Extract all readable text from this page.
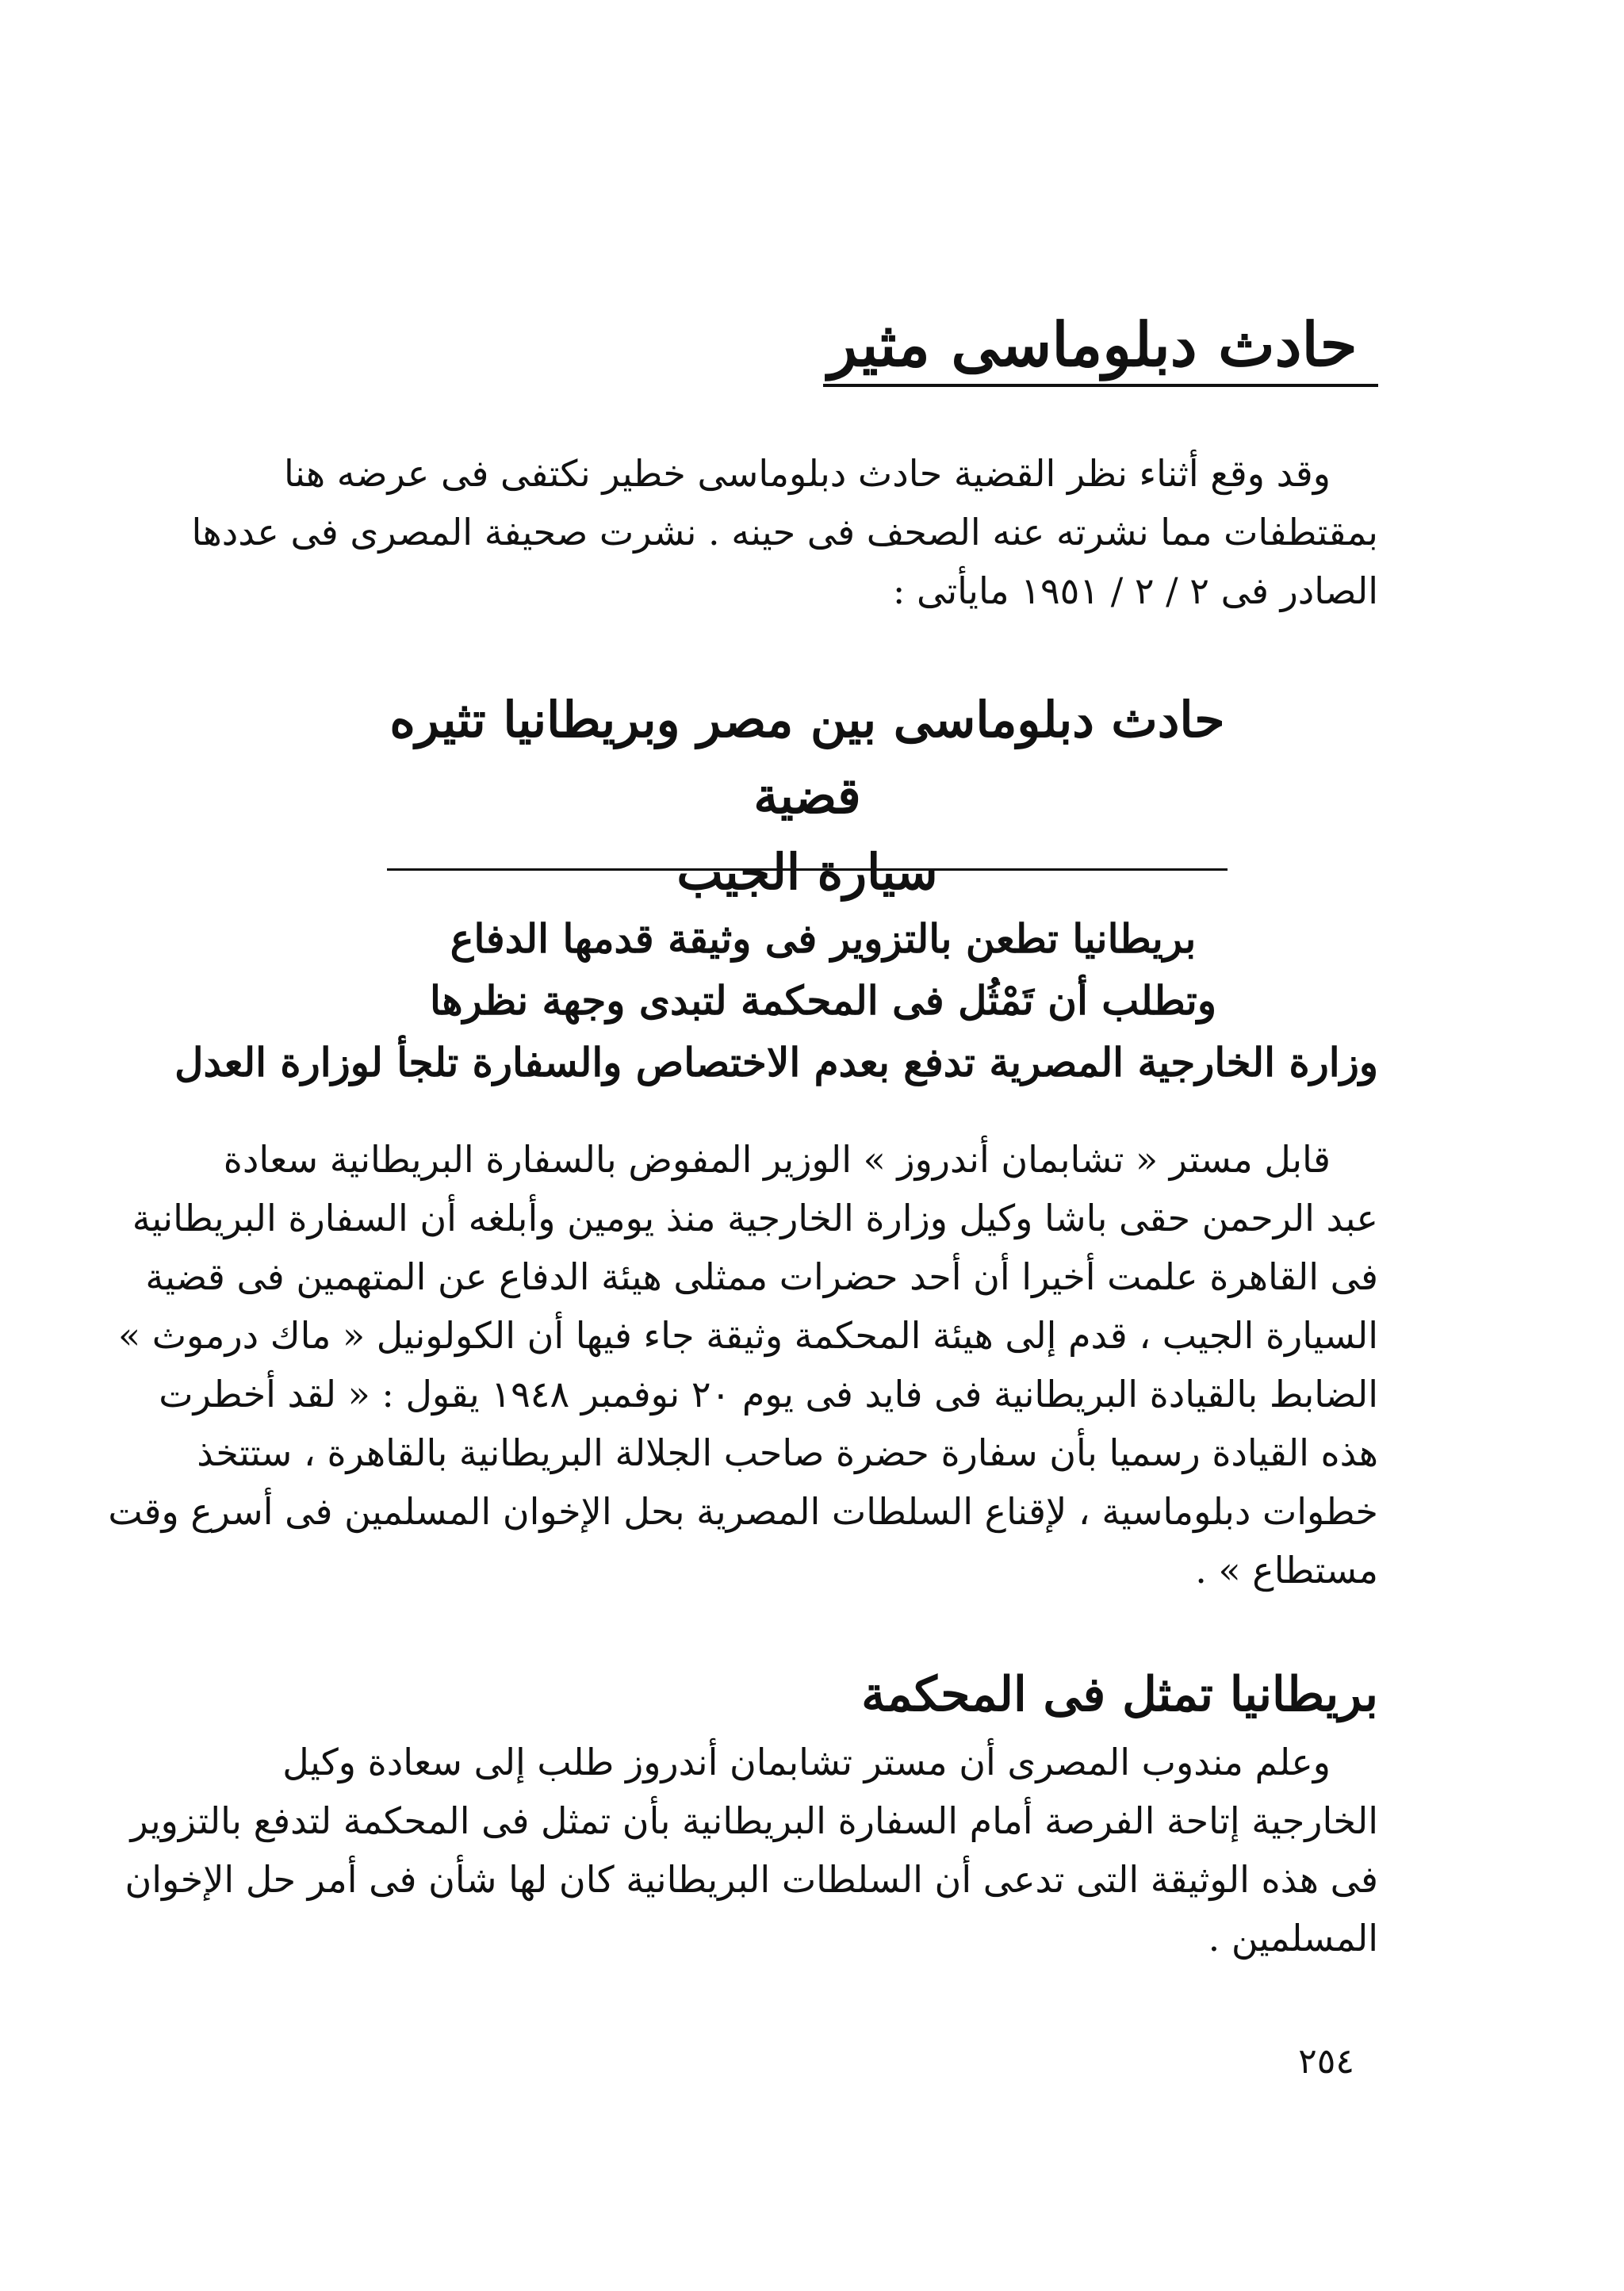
حادث دبلوماسى مثير

وقد وقع أثناء نظر القضية حادث دبلوماسى خطير نكتفى فى عرضه هنا
بمقتطفات مما نشرته عنه الصحف فى حينه . نشرت صحيفة المصرى فى عددها
الصادر فى ٢ / ٢ / ١٩٥١ مايأتى :

حادث دبلوماسى بين مصر وبريطانيا تثيره قضية
سيارة الجيب
بريطانيا تطعن بالتزوير فى وثيقة قدمها الدفاع
وتطلب أن تَمْثُل فى المحكمة لتبدى وجهة نظرها
وزارة الخارجية المصرية تدفع بعدم الاختصاص والسفارة تلجأ لوزارة العدل

قابل مستر « تشابمان أندروز » الوزير المفوض بالسفارة البريطانية سعادة
عبد الرحمن حقى باشا وكيل وزارة الخارجية منذ يومين وأبلغه أن السفارة البريطانية
فى القاهرة علمت أخيرا أن أحد حضرات ممثلى هيئة الدفاع عن المتهمين فى قضية
السيارة الجيب ، قدم إلى هيئة المحكمة وثيقة جاء فيها أن الكولونيل « ماك درموث »
الضابط بالقيادة البريطانية فى فايد فى يوم ٢٠ نوفمبر ١٩٤٨ يقول : « لقد أخطرت
هذه القيادة رسميا بأن سفارة حضرة صاحب الجلالة البريطانية بالقاهرة ، ستتخذ
خطوات دبلوماسية ، لإقناع السلطات المصرية بحل الإخوان المسلمين فى أسرع وقت
مستطاع » .

بريطانيا تمثل فى المحكمة

وعلم مندوب المصرى أن مستر تشابمان أندروز طلب إلى سعادة وكيل
الخارجية إتاحة الفرصة أمام السفارة البريطانية بأن تمثل فى المحكمة لتدفع بالتزوير
فى هذه الوثيقة التى تدعى أن السلطات البريطانية كان لها شأن فى أمر حل الإخوان
المسلمين .

٢٥٤
